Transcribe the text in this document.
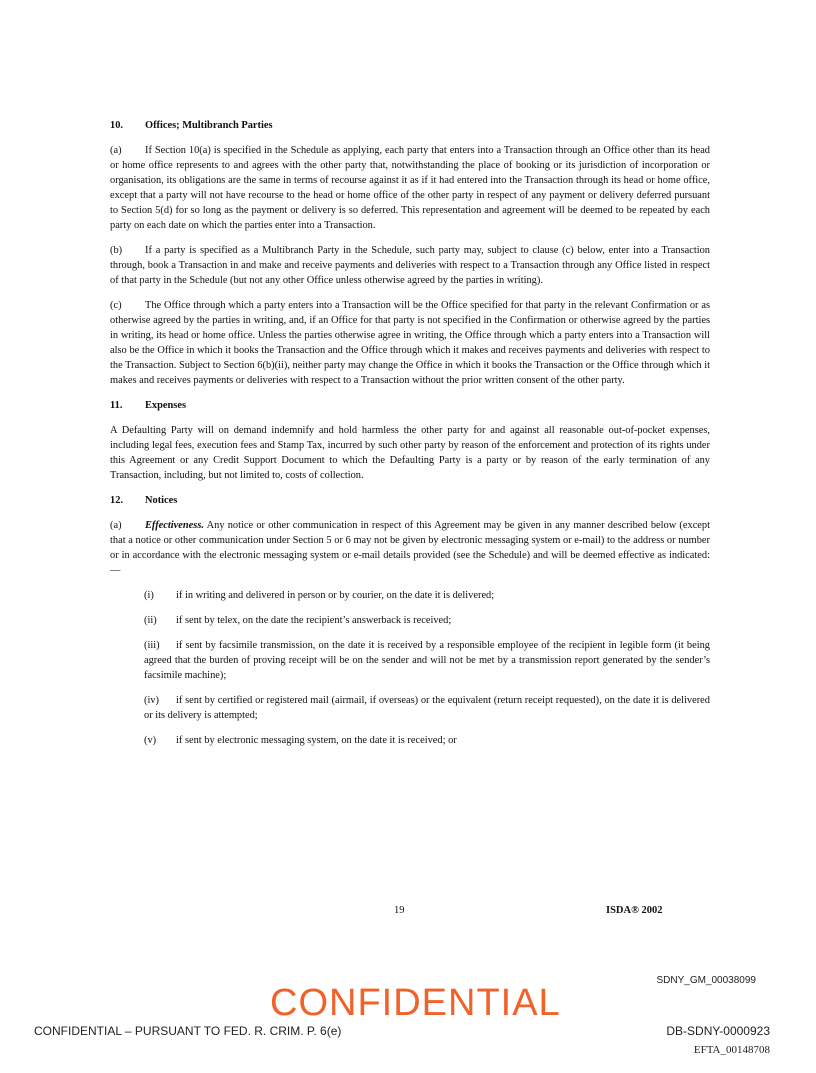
10.	Offices; Multibranch Parties

(a) If Section 10(a) is specified in the Schedule as applying, each party that enters into a Transaction through an Office other than its head or home office represents to and agrees with the other party that, notwithstanding the place of booking or its jurisdiction of incorporation or organisation, its obligations are the same in terms of recourse against it as if it had entered into the Transaction through its head or home office, except that a party will not have recourse to the head or home office of the other party in respect of any payment or delivery deferred pursuant to Section 5(d) for so long as the payment or delivery is so deferred. This representation and agreement will be deemed to be repeated by each party on each date on which the parties enter into a Transaction.

(b) If a party is specified as a Multibranch Party in the Schedule, such party may, subject to clause (c) below, enter into a Transaction through, book a Transaction in and make and receive payments and deliveries with respect to a Transaction through any Office listed in respect of that party in the Schedule (but not any other Office unless otherwise agreed by the parties in writing).

(c) The Office through which a party enters into a Transaction will be the Office specified for that party in the relevant Confirmation or as otherwise agreed by the parties in writing, and, if an Office for that party is not specified in the Confirmation or otherwise agreed by the parties in writing, its head or home office. Unless the parties otherwise agree in writing, the Office through which a party enters into a Transaction will also be the Office in which it books the Transaction and the Office through which it makes and receives payments and deliveries with respect to the Transaction. Subject to Section 6(b)(ii), neither party may change the Office in which it books the Transaction or the Office through which it makes and receives payments or deliveries with respect to a Transaction without the prior written consent of the other party.

11.	Expenses

A Defaulting Party will on demand indemnify and hold harmless the other party for and against all reasonable out-of-pocket expenses, including legal fees, execution fees and Stamp Tax, incurred by such other party by reason of the enforcement and protection of its rights under this Agreement or any Credit Support Document to which the Defaulting Party is a party or by reason of the early termination of any Transaction, including, but not limited to, costs of collection.

12.	Notices

(a) Effectiveness. Any notice or other communication in respect of this Agreement may be given in any manner described below (except that a notice or other communication under Section 5 or 6 may not be given by electronic messaging system or e-mail) to the address or number or in accordance with the electronic messaging system or e-mail details provided (see the Schedule) and will be deemed effective as indicated:—

(i) if in writing and delivered in person or by courier, on the date it is delivered;
(ii) if sent by telex, on the date the recipient’s answerback is received;
(iii) if sent by facsimile transmission, on the date it is received by a responsible employee of the recipient in legible form (it being agreed that the burden of proving receipt will be on the sender and will not be met by a transmission report generated by the sender’s facsimile machine);
(iv) if sent by certified or registered mail (airmail, if overseas) or the equivalent (return receipt requested), on the date it is delivered or its delivery is attempted;
(v) if sent by electronic messaging system, on the date it is received; or
19	ISDA® 2002
SDNY_GM_00038099
CONFIDENTIAL
CONFIDENTIAL – PURSUANT TO FED. R. CRIM. P. 6(e)	DB-SDNY-0000923
EFTA_00148708
